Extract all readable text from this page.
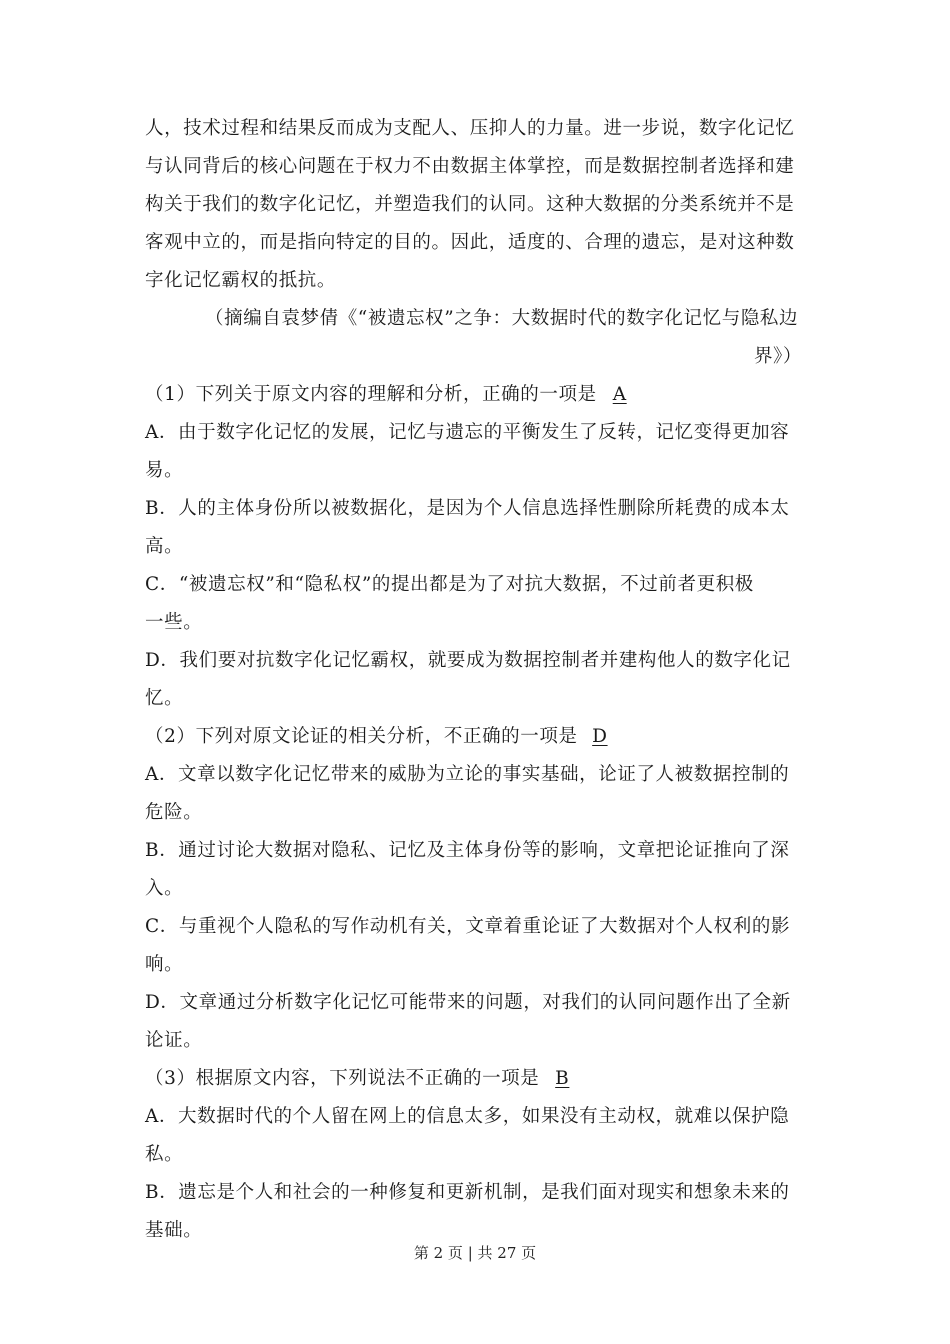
人，技术过程和结果反而成为支配人、压抑人的力量。进一步说，数字化记忆
与认同背后的核心问题在于权力不由数据主体掌控，而是数据控制者选择和建
构关于我们的数字化记忆，并塑造我们的认同。这种大数据的分类系统并不是
客观中立的，而是指向特定的目的。因此，适度的、合理的遗忘，是对这种数
字化记忆霸权的抵抗。
（摘编自袁梦倩《“被遗忘权”之争：大数据时代的数字化记忆与隐私边
界》）
（1）下列关于原文内容的理解和分析，正确的一项是 A
A．由于数字化记忆的发展，记忆与遗忘的平衡发生了反转，记忆变得更加容
易。
B．人的主体身份所以被数据化，是因为个人信息选择性删除所耗费的成本太
高。
C．“被遗忘权”和“隐私权”的提出都是为了对抗大数据，不过前者更积极
一些。
D．我们要对抗数字化记忆霸权，就要成为数据控制者并建构他人的数字化记
忆。
（2）下列对原文论证的相关分析，不正确的一项是 D
A．文章以数字化记忆带来的威胁为立论的事实基础，论证了人被数据控制的
危险。
B．通过讨论大数据对隐私、记忆及主体身份等的影响，文章把论证推向了深
入。
C．与重视个人隐私的写作动机有关，文章着重论证了大数据对个人权利的影
响。
D．文章通过分析数字化记忆可能带来的问题，对我们的认同问题作出了全新
论证。
（3）根据原文内容，下列说法不正确的一项是 B
A．大数据时代的个人留在网上的信息太多，如果没有主动权，就难以保护隐
私。
B．遗忘是个人和社会的一种修复和更新机制，是我们面对现实和想象未来的
基础。
第 2 页 | 共 27 页
